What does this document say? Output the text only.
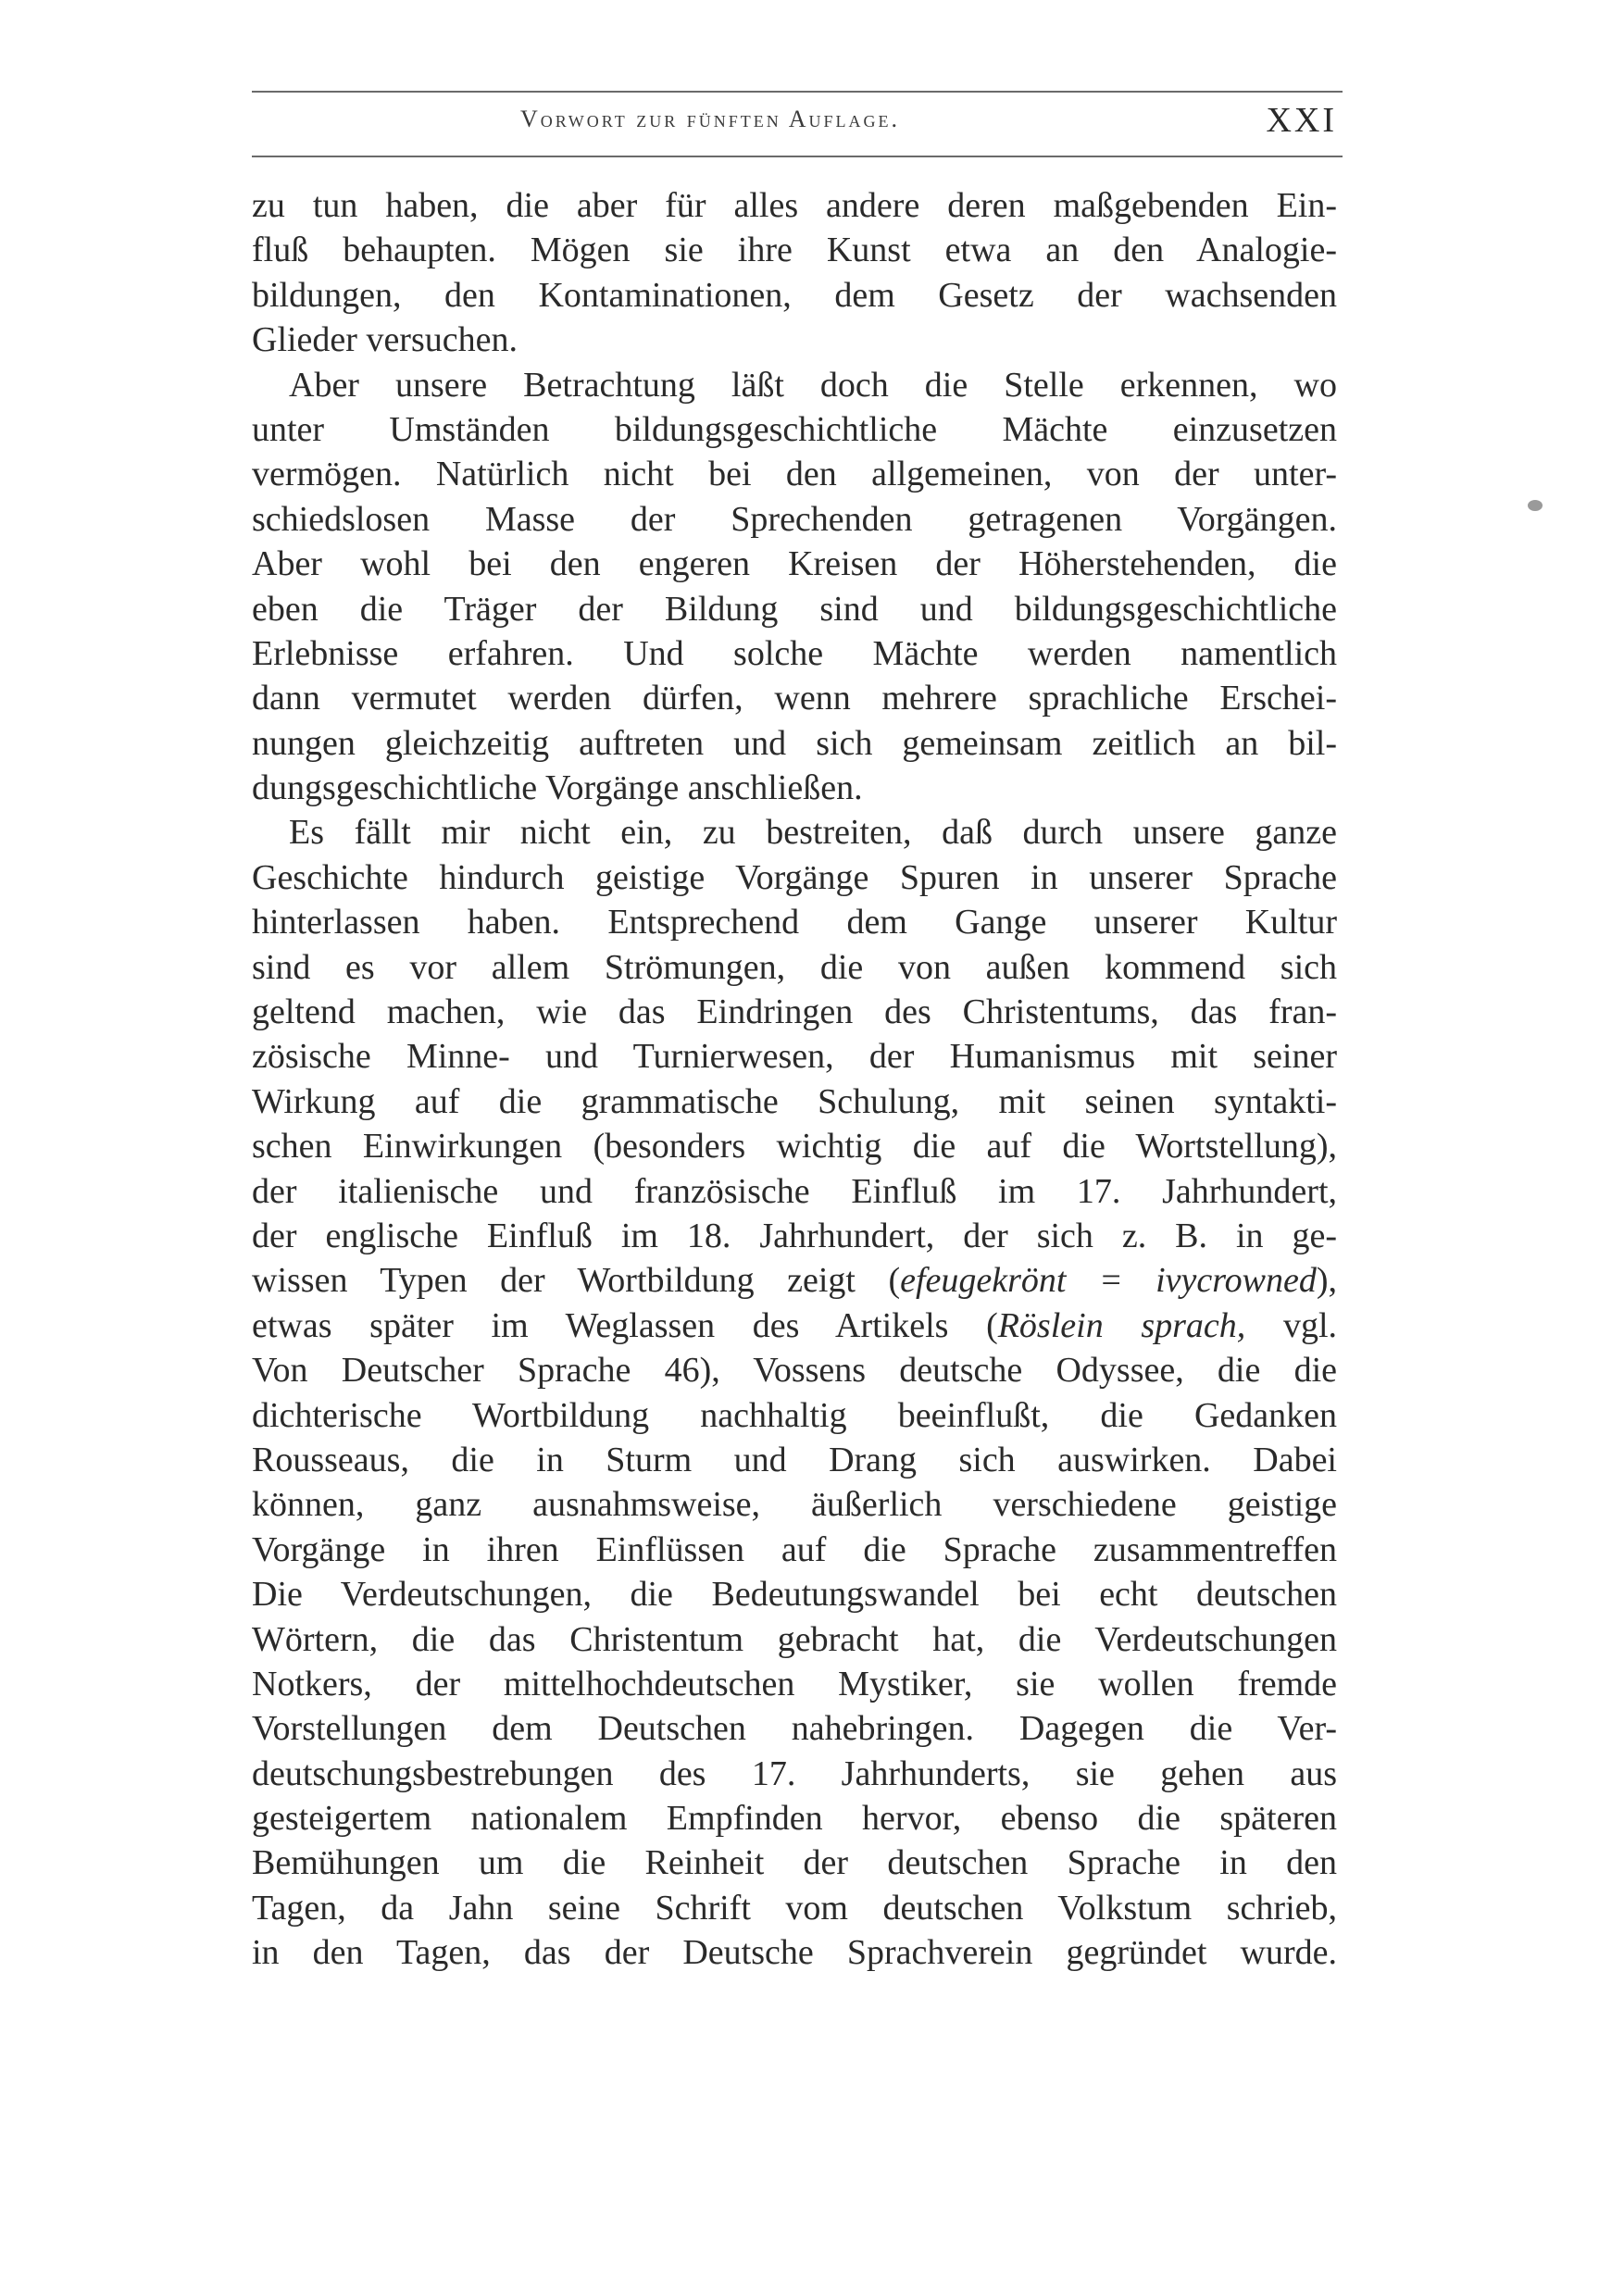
Vorwort zur fünften Auflage.	XXI
zu tun haben, die aber für alles andere deren maßgebenden Ein-
fluß behaupten. Mögen sie ihre Kunst etwa an den Analogie-
bildungen, den Kontaminationen, dem Gesetz der wachsenden
Glieder versuchen.
Aber unsere Betrachtung läßt doch die Stelle erkennen, wo
unter Umständen bildungsgeschichtliche Mächte einzusetzen
vermögen. Natürlich nicht bei den allgemeinen, von der unter-
schiedslosen Masse der Sprechenden getragenen Vorgängen.
Aber wohl bei den engeren Kreisen der Höherstehenden, die
eben die Träger der Bildung sind und bildungsgeschichtliche
Erlebnisse erfahren. Und solche Mächte werden namentlich
dann vermutet werden dürfen, wenn mehrere sprachliche Erschei-
nungen gleichzeitig auftreten und sich gemeinsam zeitlich an bil-
dungsgeschichtliche Vorgänge anschließen.
Es fällt mir nicht ein, zu bestreiten, daß durch unsere ganze
Geschichte hindurch geistige Vorgänge Spuren in unserer Sprache
hinterlassen haben. Entsprechend dem Gange unserer Kultur
sind es vor allem Strömungen, die von außen kommend sich
geltend machen, wie das Eindringen des Christentums, das fran-
zösische Minne- und Turnierwesen, der Humanismus mit seiner
Wirkung auf die grammatische Schulung, mit seinen syntakti-
schen Einwirkungen (besonders wichtig die auf die Wortstellung),
der italienische und französische Einfluß im 17. Jahrhundert,
der englische Einfluß im 18. Jahrhundert, der sich z. B. in ge-
wissen Typen der Wortbildung zeigt (efeugekrönt = ivycrowned),
etwas später im Weglassen des Artikels (Röslein sprach, vgl.
Von Deutscher Sprache 46), Vossens deutsche Odyssee, die die
dichterische Wortbildung nachhaltig beeinflußt, die Gedanken
Rousseaus, die in Sturm und Drang sich auswirken. Dabei
können, ganz ausnahmsweise, äußerlich verschiedene geistige
Vorgänge in ihren Einflüssen auf die Sprache zusammentreffen
Die Verdeutschungen, die Bedeutungswandel bei echt deutschen
Wörtern, die das Christentum gebracht hat, die Verdeutschungen
Notkers, der mittelhochdeutschen Mystiker, sie wollen fremde
Vorstellungen dem Deutschen nahebringen. Dagegen die Ver-
deutschungsbestrebungen des 17. Jahrhunderts, sie gehen aus
gesteigertem nationalem Empfinden hervor, ebenso die späteren
Bemühungen um die Reinheit der deutschen Sprache in den
Tagen, da Jahn seine Schrift vom deutschen Volkstum schrieb,
in den Tagen, das der Deutsche Sprachverein gegründet wurde.
